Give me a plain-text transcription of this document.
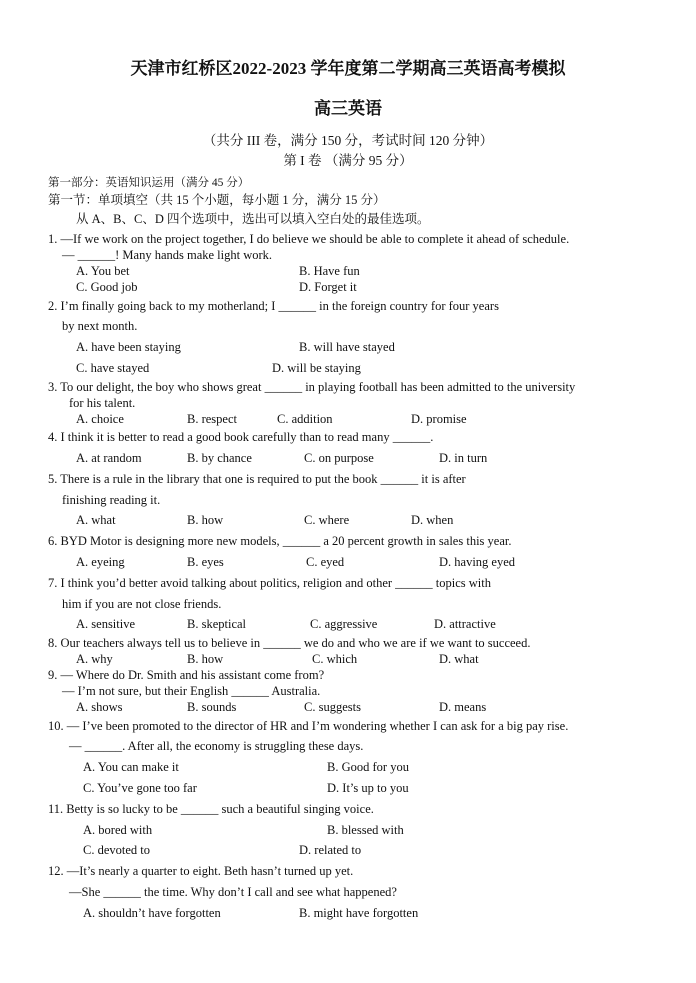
天津市红桥区2022-2023 学年度第二学期高三英语高考模拟
高三英语
（共分 III 卷，满分 150 分，考试时间 120 分钟）
第 I 卷 （满分 95 分）
第一部分：英语知识运用（满分 45 分）
第一节：单项填空（共 15 个小题，每小题 1 分，满分 15 分）
从 A、B、C、D 四个选项中，选出可以填入空白处的最佳选项。
1. —If we work on the project together, I do believe we should be able to complete it ahead of schedule.
— ______! Many hands make light work.
A. You bet	B. Have fun
C. Good job	D. Forget it
2. I’m finally going back to my motherland; I ______ in the foreign country for four years
by next month.
A. have been staying	B. will have stayed
C. have stayed	D. will be staying
3. To our delight, the boy who shows great ______ in playing football has been admitted to the university
for his talent.
A. choice	B. respect	C. addition	D. promise
4. I think it is better to read a good book carefully than to read many ______.
A. at random	B. by chance	C. on purpose	D. in turn
5. There is a rule in the library that one is required to put the book ______ it is after
finishing reading it.
A. what	B. how	C. where	D. when
6. BYD Motor is designing more new models, ______ a 20 percent growth in sales this year.
A. eyeing	B. eyes	C. eyed	D. having eyed
7. I think you’d better avoid talking about politics, religion and other ______ topics with
him if you are not close friends.
A. sensitive	B. skeptical	C. aggressive	D. attractive
8. Our teachers always tell us to believe in ______ we do and who we are if we want to succeed.
A. why	B. how	C. which	D. what
9. — Where do Dr. Smith and his assistant come from?
— I’m not sure, but their English ______ Australia.
A. shows	B. sounds	C. suggests	D. means
10. — I’ve been promoted to the director of HR and I’m wondering whether I can ask for a big pay rise.
— ______. After all, the economy is struggling these days.
A. You can make it	B. Good for you
C. You’ve gone too far	D. It’s up to you
11. Betty is so lucky to be ______ such a beautiful singing voice.
A. bored with	B. blessed with
C. devoted to	D. related to
12. —It’s nearly a quarter to eight. Beth hasn’t turned up yet.
—She ______ the time. Why don’t I call and see what happened?
A. shouldn’t have forgotten	B. might have forgotten
